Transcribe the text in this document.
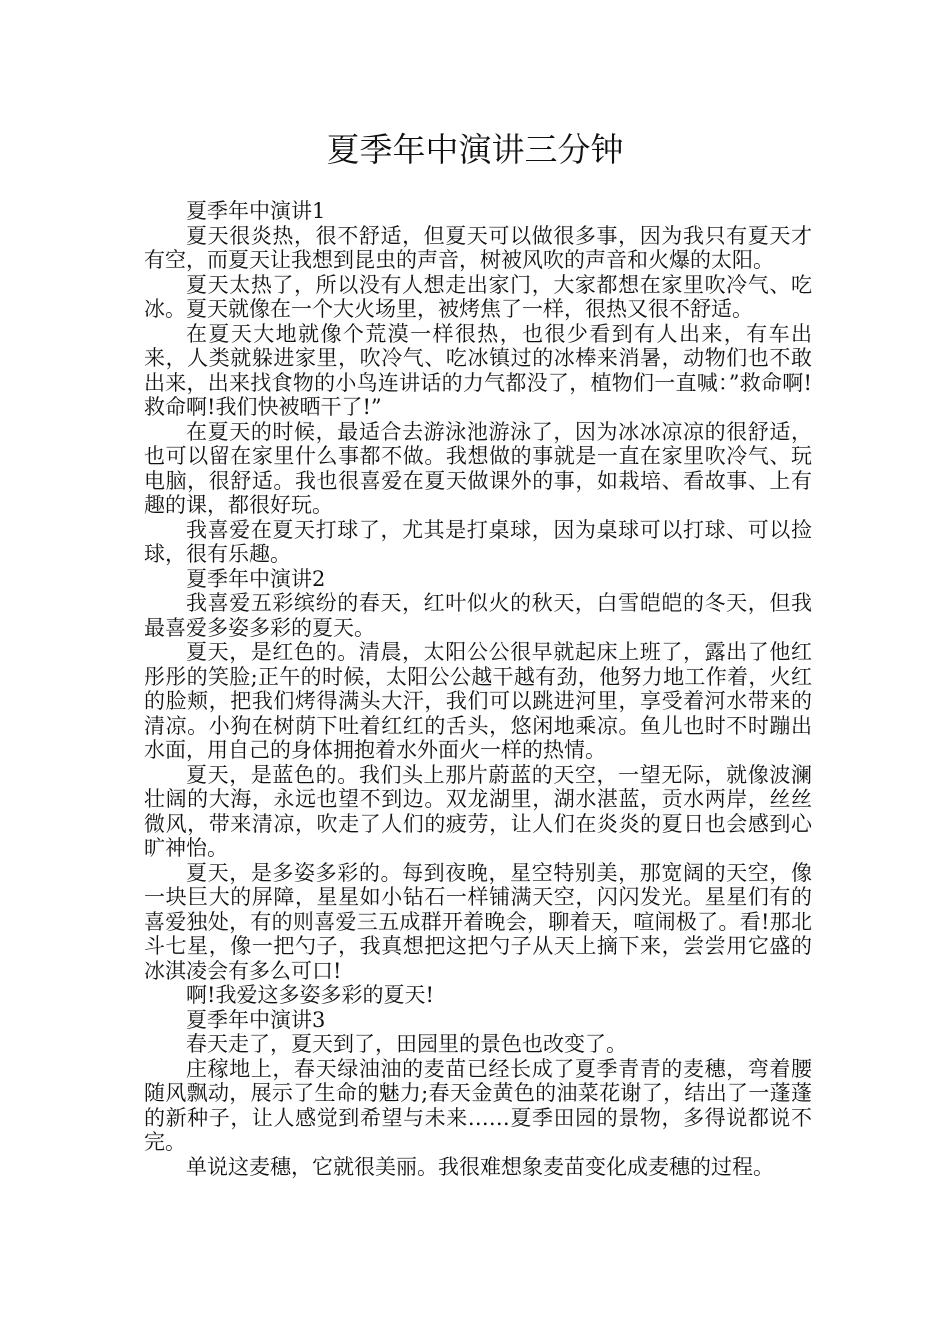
夏季年中演讲三分钟

夏季年中演讲1

夏天很炎热，很不舒适，但夏天可以做很多事，因为我只有夏天才有空，而夏天让我想到昆虫的声音，树被风吹的声音和火爆的太阳。

夏天太热了，所以没有人想走出家门，大家都想在家里吹冷气、吃冰。夏天就像在一个大火场里，被烤焦了一样，很热又很不舒适。

在夏天大地就像个荒漠一样很热，也很少看到有人出来，有车出来，人类就躲进家里，吹冷气、吃冰镇过的冰棒来消暑，动物们也不敢出来，出来找食物的小鸟连讲话的力气都没了，植物们一直喊：”救命啊!救命啊!我们快被晒干了!”

在夏天的时候，最适合去游泳池游泳了，因为冰冰凉凉的很舒适，也可以留在家里什么事都不做。我想做的事就是一直在家里吹冷气、玩电脑，很舒适。我也很喜爱在夏天做课外的事，如栽培、看故事、上有趣的课，都很好玩。

我喜爱在夏天打球了，尤其是打桌球，因为桌球可以打球、可以捡球，很有乐趣。

夏季年中演讲2

我喜爱五彩缤纷的春天，红叶似火的秋天，白雪皑皑的冬天，但我最喜爱多姿多彩的夏天。

夏天，是红色的。清晨，太阳公公很早就起床上班了，露出了他红彤彤的笑脸;正午的时候，太阳公公越干越有劲，他努力地工作着，火红的脸颊，把我们烤得满头大汗，我们可以跳进河里，享受着河水带来的清凉。小狗在树荫下吐着红红的舌头，悠闲地乘凉。鱼儿也时不时蹦出水面，用自己的身体拥抱着水外面火一样的热情。

夏天，是蓝色的。我们头上那片蔚蓝的天空，一望无际，就像波澜壮阔的大海，永远也望不到边。双龙湖里，湖水湛蓝，贡水两岸，丝丝微风，带来清凉，吹走了人们的疲劳，让人们在炎炎的夏日也会感到心旷神怡。

夏天，是多姿多彩的。每到夜晚，星空特别美，那宽阔的天空，像一块巨大的屏障，星星如小钻石一样铺满天空，闪闪发光。星星们有的喜爱独处，有的则喜爱三五成群开着晚会，聊着天，喧闹极了。看!那北斗七星，像一把勺子，我真想把这把勺子从天上摘下来，尝尝用它盛的冰淇凌会有多么可口!

啊!我爱这多姿多彩的夏天!

夏季年中演讲3

春天走了，夏天到了，田园里的景色也改变了。

庄稼地上，春天绿油油的麦苗已经长成了夏季青青的麦穗，弯着腰随风飘动，展示了生命的魅力;春天金黄色的油菜花谢了，结出了一蓬蓬的新种子，让人感觉到希望与未来……夏季田园的景物，多得说都说不完。

单说这麦穗，它就很美丽。我很难想象麦苗变化成麦穗的过程。
